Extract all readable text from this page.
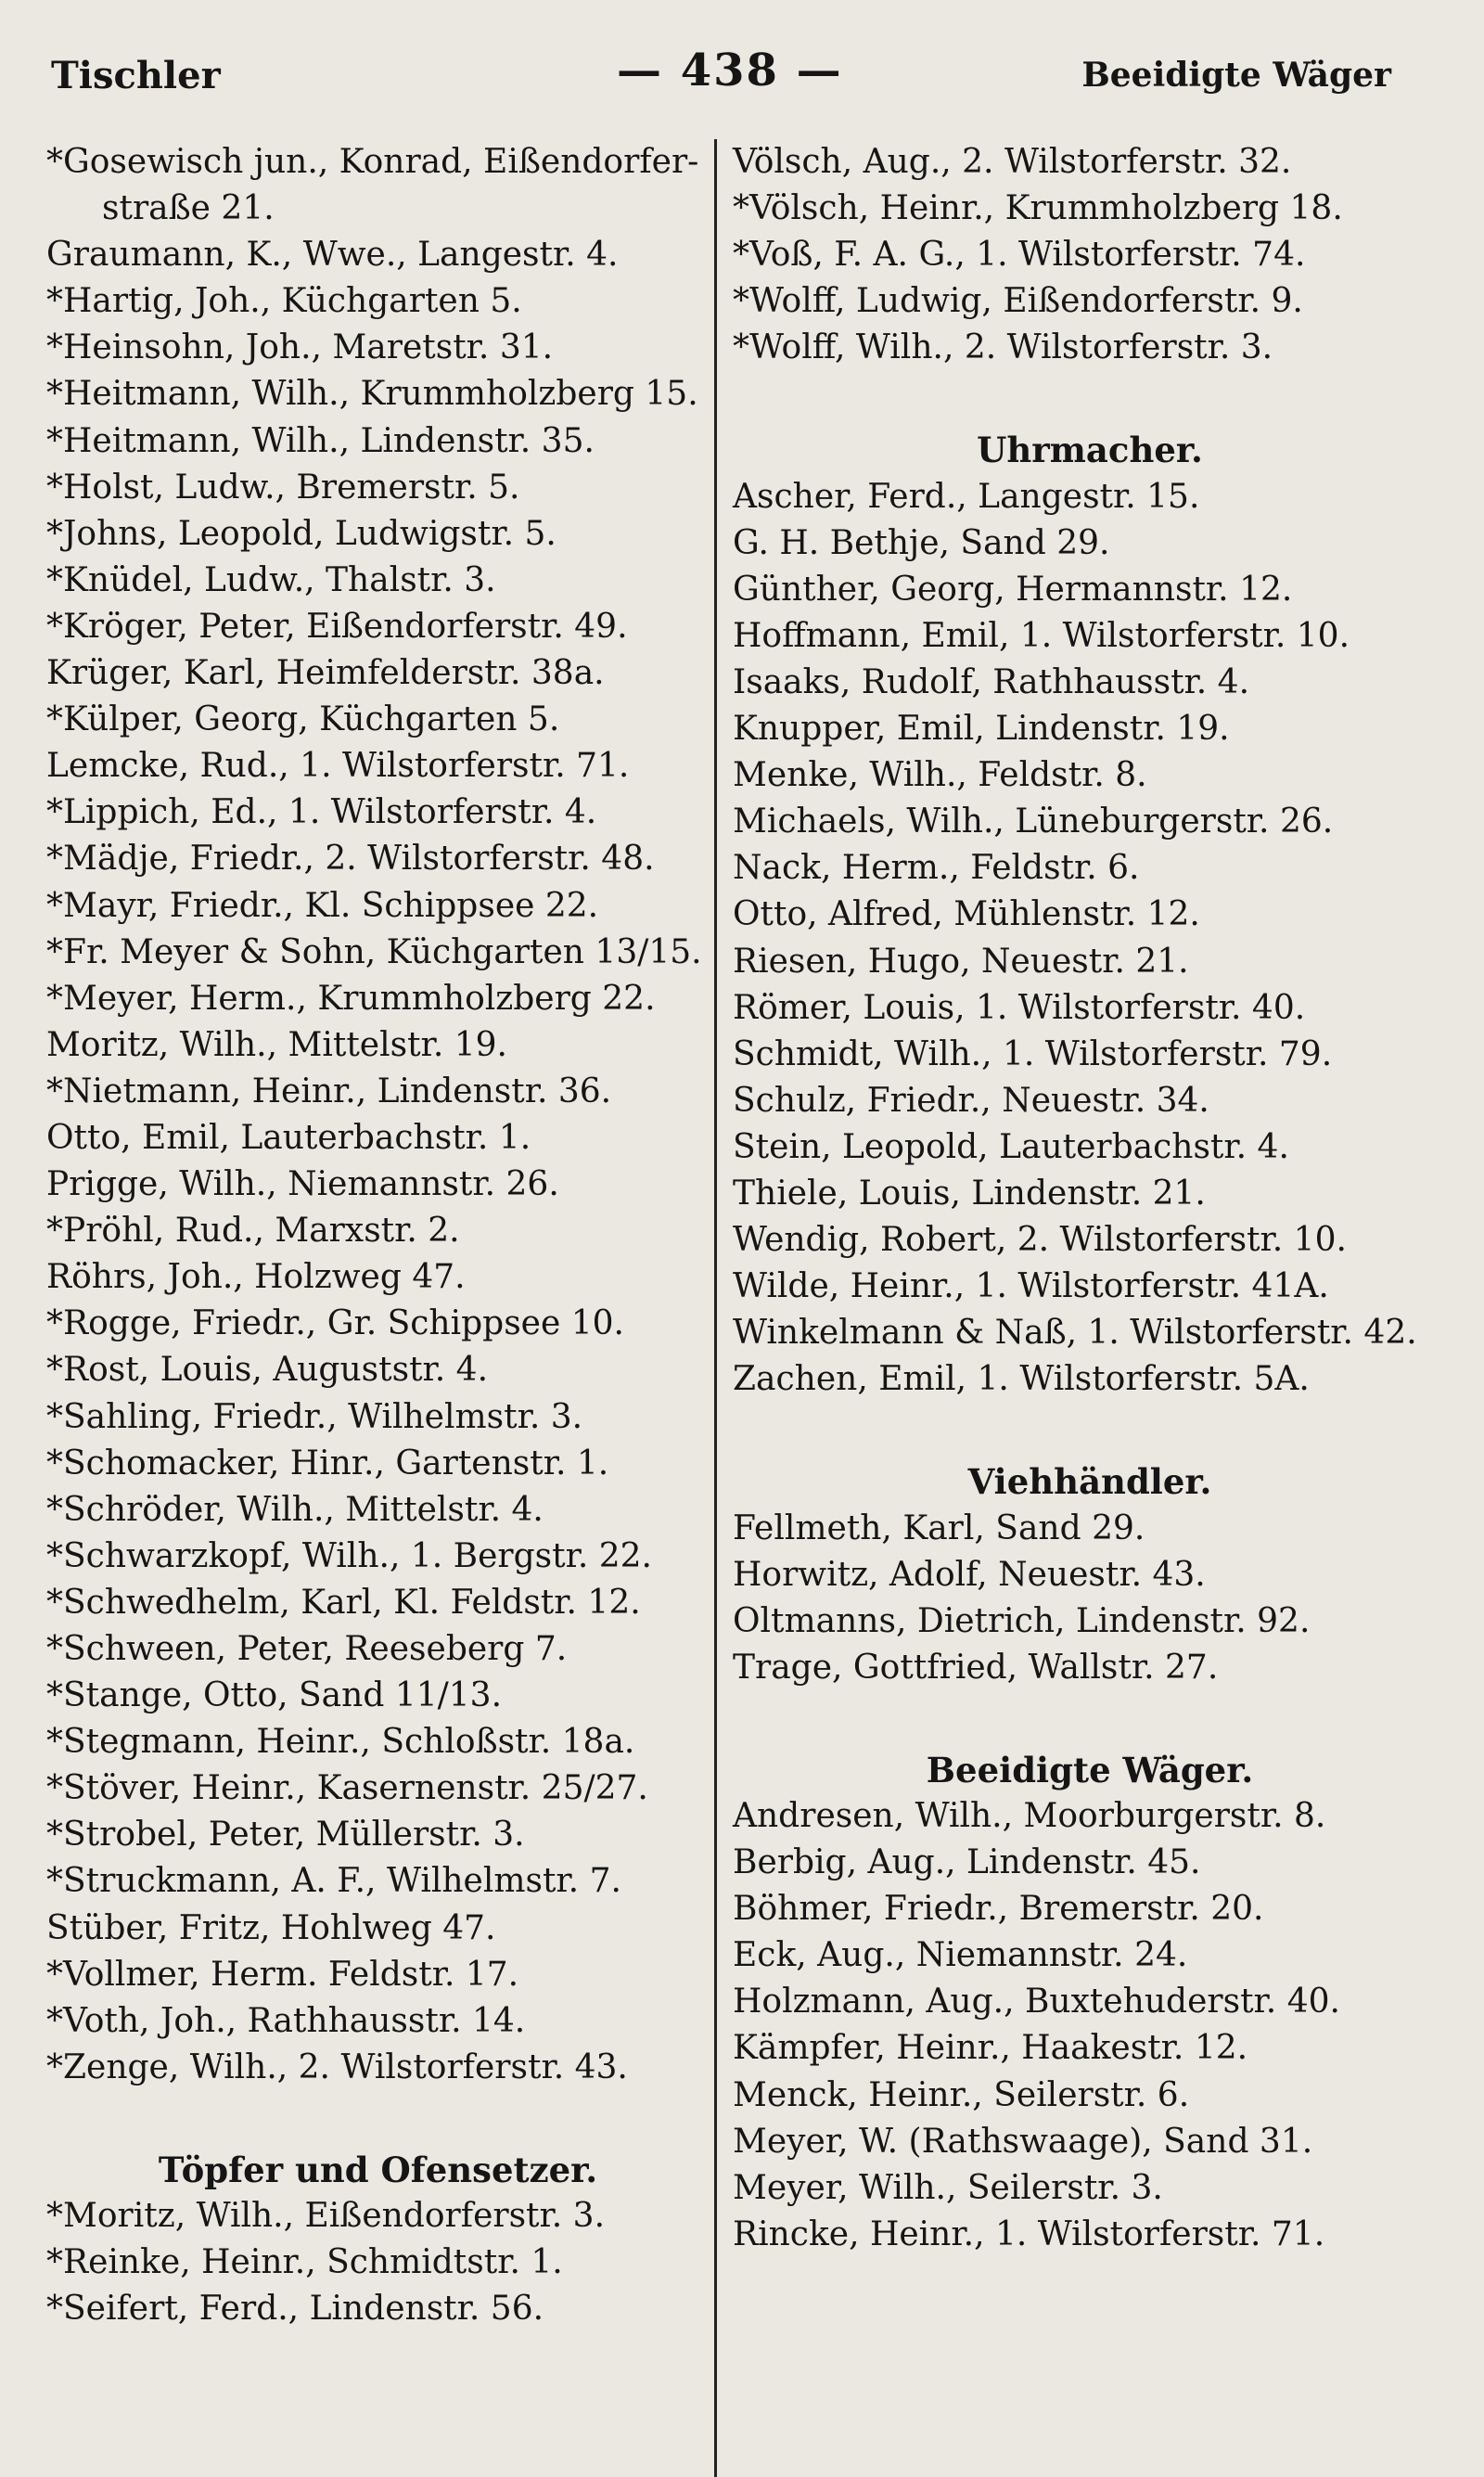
Tischler	— 438 —	Beeidigte Wäger
*Gosewisch jun., Konrad, Eißendorfer-
straße 21.
Graumann, K., Wwe., Langestr. 4.
*Hartig, Joh., Küchgarten 5.
*Heinsohn, Joh., Maretstr. 31.
*Heitmann, Wilh., Krummholzberg 15.
*Heitmann, Wilh., Lindenstr. 35.
*Holst, Ludw., Bremerstr. 5.
*Johns, Leopold, Ludwigstr. 5.
*Knüdel, Ludw., Thalstr. 3.
*Kröger, Peter, Eißendorferstr. 49.
Krüger, Karl, Heimfelderstr. 38a.
*Külper, Georg, Küchgarten 5.
Lemcke, Rud., 1. Wilstorferstr. 71.
*Lippich, Ed., 1. Wilstorferstr. 4.
*Mädje, Friedr., 2. Wilstorferstr. 48.
*Mayr, Friedr., Kl. Schippsee 22.
*Fr. Meyer & Sohn, Küchgarten 13/15.
*Meyer, Herm., Krummholzberg 22.
Moritz, Wilh., Mittelstr. 19.
*Nietmann, Heinr., Lindenstr. 36.
Otto, Emil, Lauterbachstr. 1.
Prigge, Wilh., Niemannstr. 26.
*Pröhl, Rud., Marxstr. 2.
Röhrs, Joh., Holzweg 47.
*Rogge, Friedr., Gr. Schippsee 10.
*Rost, Louis, Auguststr. 4.
*Sahling, Friedr., Wilhelmstr. 3.
*Schomacker, Hinr., Gartenstr. 1.
*Schröder, Wilh., Mittelstr. 4.
*Schwarzkopf, Wilh., 1. Bergstr. 22.
*Schwedhelm, Karl, Kl. Feldstr. 12.
*Schween, Peter, Reeseberg 7.
*Stange, Otto, Sand 11/13.
*Stegmann, Heinr., Schloßstr. 18a.
*Stöver, Heinr., Kasernenstr. 25/27.
*Strobel, Peter, Müllerstr. 3.
*Struckmann, A. F., Wilhelmstr. 7.
Stüber, Fritz, Hohlweg 47.
*Vollmer, Herm. Feldstr. 17.
*Voth, Joh., Rathhausstr. 14.
*Zenge, Wilh., 2. Wilstorferstr. 43.
Töpfer und Ofensetzer.
*Moritz, Wilh., Eißendorferstr. 3.
*Reinke, Heinr., Schmidtstr. 1.
*Seifert, Ferd., Lindenstr. 56.
Völsch, Aug., 2. Wilstorferstr. 32.
*Völsch, Heinr., Krummholzberg 18.
*Voß, F. A. G., 1. Wilstorferstr. 74.
*Wolff, Ludwig, Eißendorferstr. 9.
*Wolff, Wilh., 2. Wilstorferstr. 3.
Uhrmacher.
Ascher, Ferd., Langestr. 15.
G. H. Bethje, Sand 29.
Günther, Georg, Hermannstr. 12.
Hoffmann, Emil, 1. Wilstorferstr. 10.
Isaaks, Rudolf, Rathhausstr. 4.
Knupper, Emil, Lindenstr. 19.
Menke, Wilh., Feldstr. 8.
Michaels, Wilh., Lüneburgerstr. 26.
Nack, Herm., Feldstr. 6.
Otto, Alfred, Mühlenstr. 12.
Riesen, Hugo, Neuestr. 21.
Römer, Louis, 1. Wilstorferstr. 40.
Schmidt, Wilh., 1. Wilstorferstr. 79.
Schulz, Friedr., Neuestr. 34.
Stein, Leopold, Lauterbachstr. 4.
Thiele, Louis, Lindenstr. 21.
Wendig, Robert, 2. Wilstorferstr. 10.
Wilde, Heinr., 1. Wilstorferstr. 41A.
Winkelmann & Naß, 1. Wilstorferstr. 42.
Zachen, Emil, 1. Wilstorferstr. 5A.
Viehhändler.
Fellmeth, Karl, Sand 29.
Horwitz, Adolf, Neuestr. 43.
Oltmanns, Dietrich, Lindenstr. 92.
Trage, Gottfried, Wallstr. 27.
Beeidigte Wäger.
Andresen, Wilh., Moorburgerstr. 8.
Berbig, Aug., Lindenstr. 45.
Böhmer, Friedr., Bremerstr. 20.
Eck, Aug., Niemannstr. 24.
Holzmann, Aug., Buxtehuderstr. 40.
Kämpfer, Heinr., Haakestr. 12.
Menck, Heinr., Seilerstr. 6.
Meyer, W. (Rathswaage), Sand 31.
Meyer, Wilh., Seilerstr. 3.
Rincke, Heinr., 1. Wilstorferstr. 71.
